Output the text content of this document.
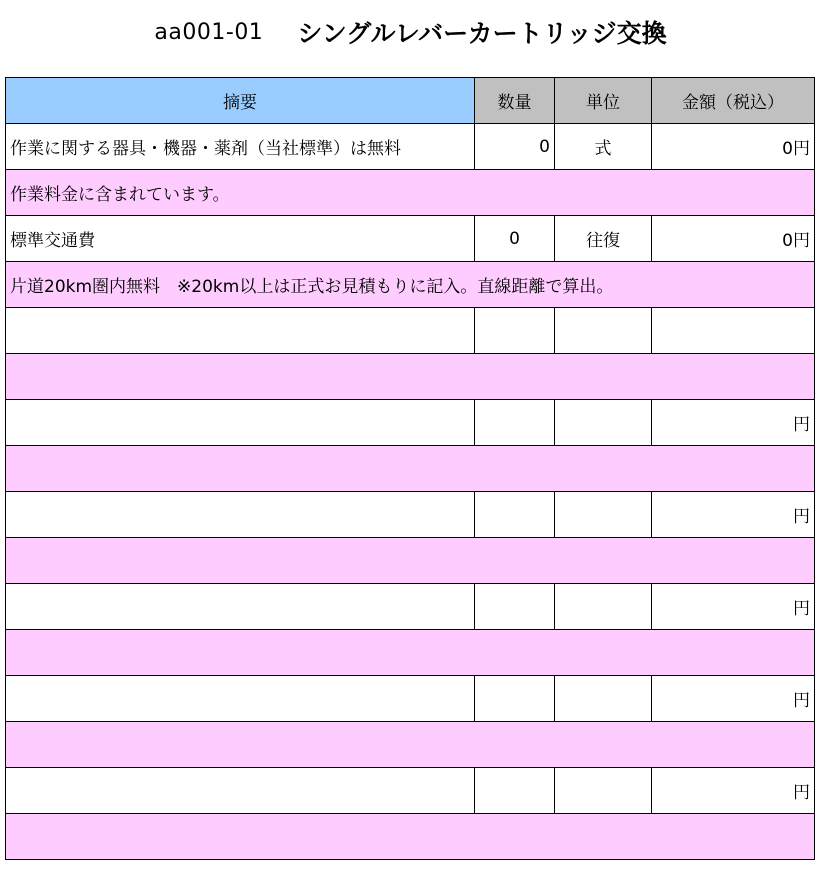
aa001-01 シングルレバーカートリッジ交換
摘要	数量	単位	金額（税込）
作業に関する器具・機器・薬剤（当社標準）は無料	0	式	0円
作業料金に含まれています。			
標準交通費	0	往復	0円
片道20km圏内無料　※20km以上は正式お見積もりに記入。直線距離で算出。			

			円

			円

			円

			円

			円
